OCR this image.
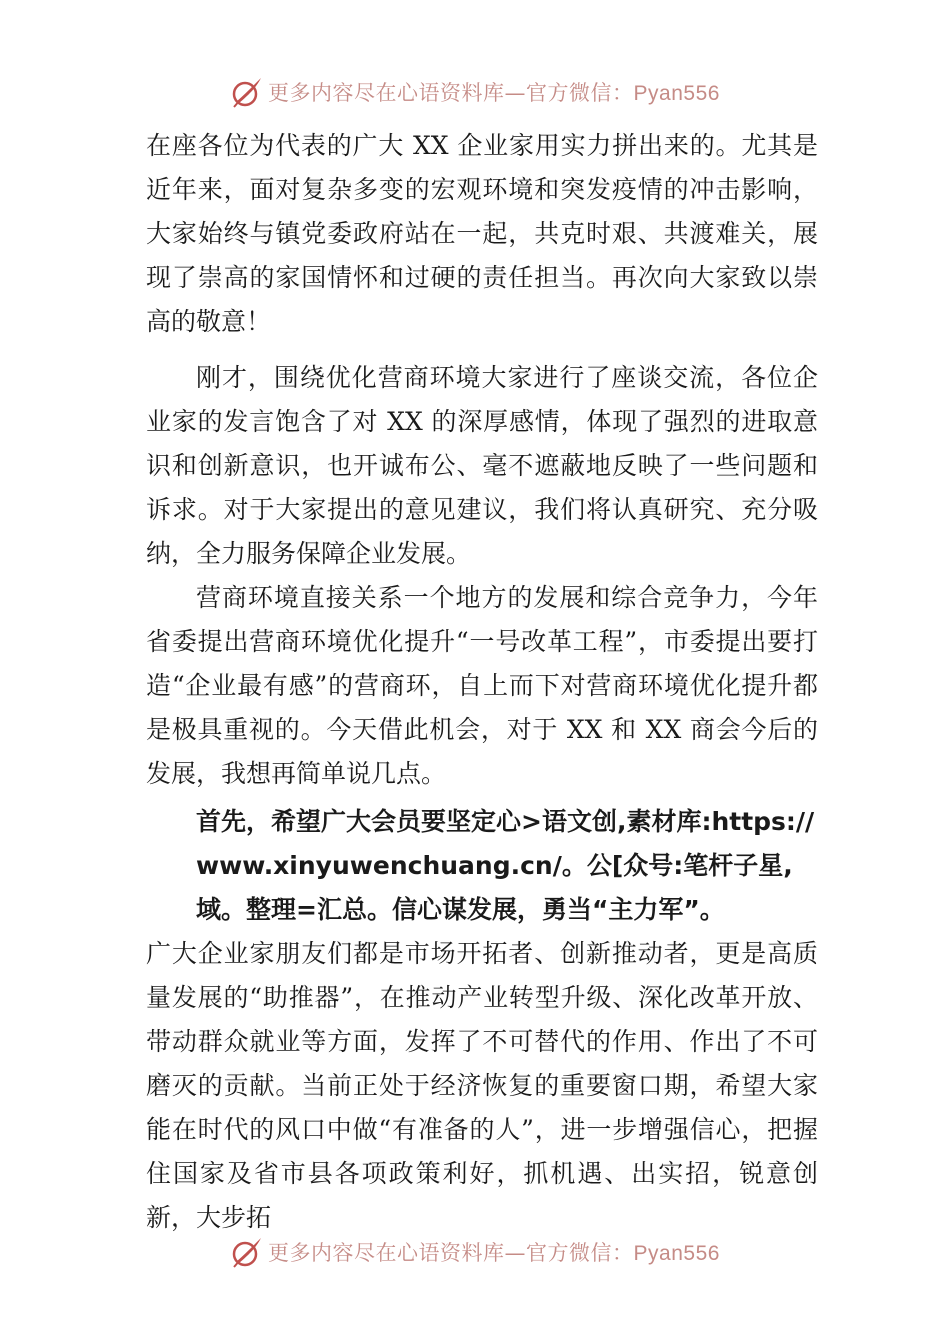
更多内容尽在心语资料库—官方微信：Pyan556

在座各位为代表的广大 XX 企业家用实力拼出来的。尤其是近年来，面对复杂多变的宏观环境和突发疫情的冲击影响， 大家始终与镇党委政府站在一起，共克时艰、共渡难关，展现了崇高的家国情怀和过硬的责任担当。再次向大家致以崇高的敬意！

刚才，围绕优化营商环境大家进行了座谈交流，各位企业家的发言饱含了对 XX 的深厚感情，体现了强烈的进取意识和创新意识，也开诚布公、毫不遮蔽地反映了一些问题和诉求。对于大家提出的意见建议，我们将认真研究、充分吸纳，全力服务保障企业发展。

营商环境直接关系一个地方的发展和综合竞争力，今年省委提出营商环境优化提升“一号改革工程”，市委提出要打造“企业最有感”的营商环，自上而下对营商环境优化提升都是极具重视的。今天借此机会，对于 XX 和 XX 商会今后的发展，我想再简单说几点。

首先，希望广大会员要坚定心>语文创,素材库:https://www.xinyuwenchuang.cn/。公[众号:笔杆子星,域。整理=汇总。信心谋发展，勇当“主力军”。

广大企业家朋友们都是市场开拓者、创新推动者，更是高质量发展的“助推器”，在推动产业转型升级、深化改革开放、带动群众就业等方面，发挥了不可替代的作用、作出了不可磨灭的贡献。当前正处于经济恢复的重要窗口期，希望大家能在时代的风口中做“有准备的人”，进一步增强信心，把握住国家及省市县各项政策利好，抓机遇、出实招，锐意创新，大步拓

更多内容尽在心语资料库—官方微信：Pyan556
